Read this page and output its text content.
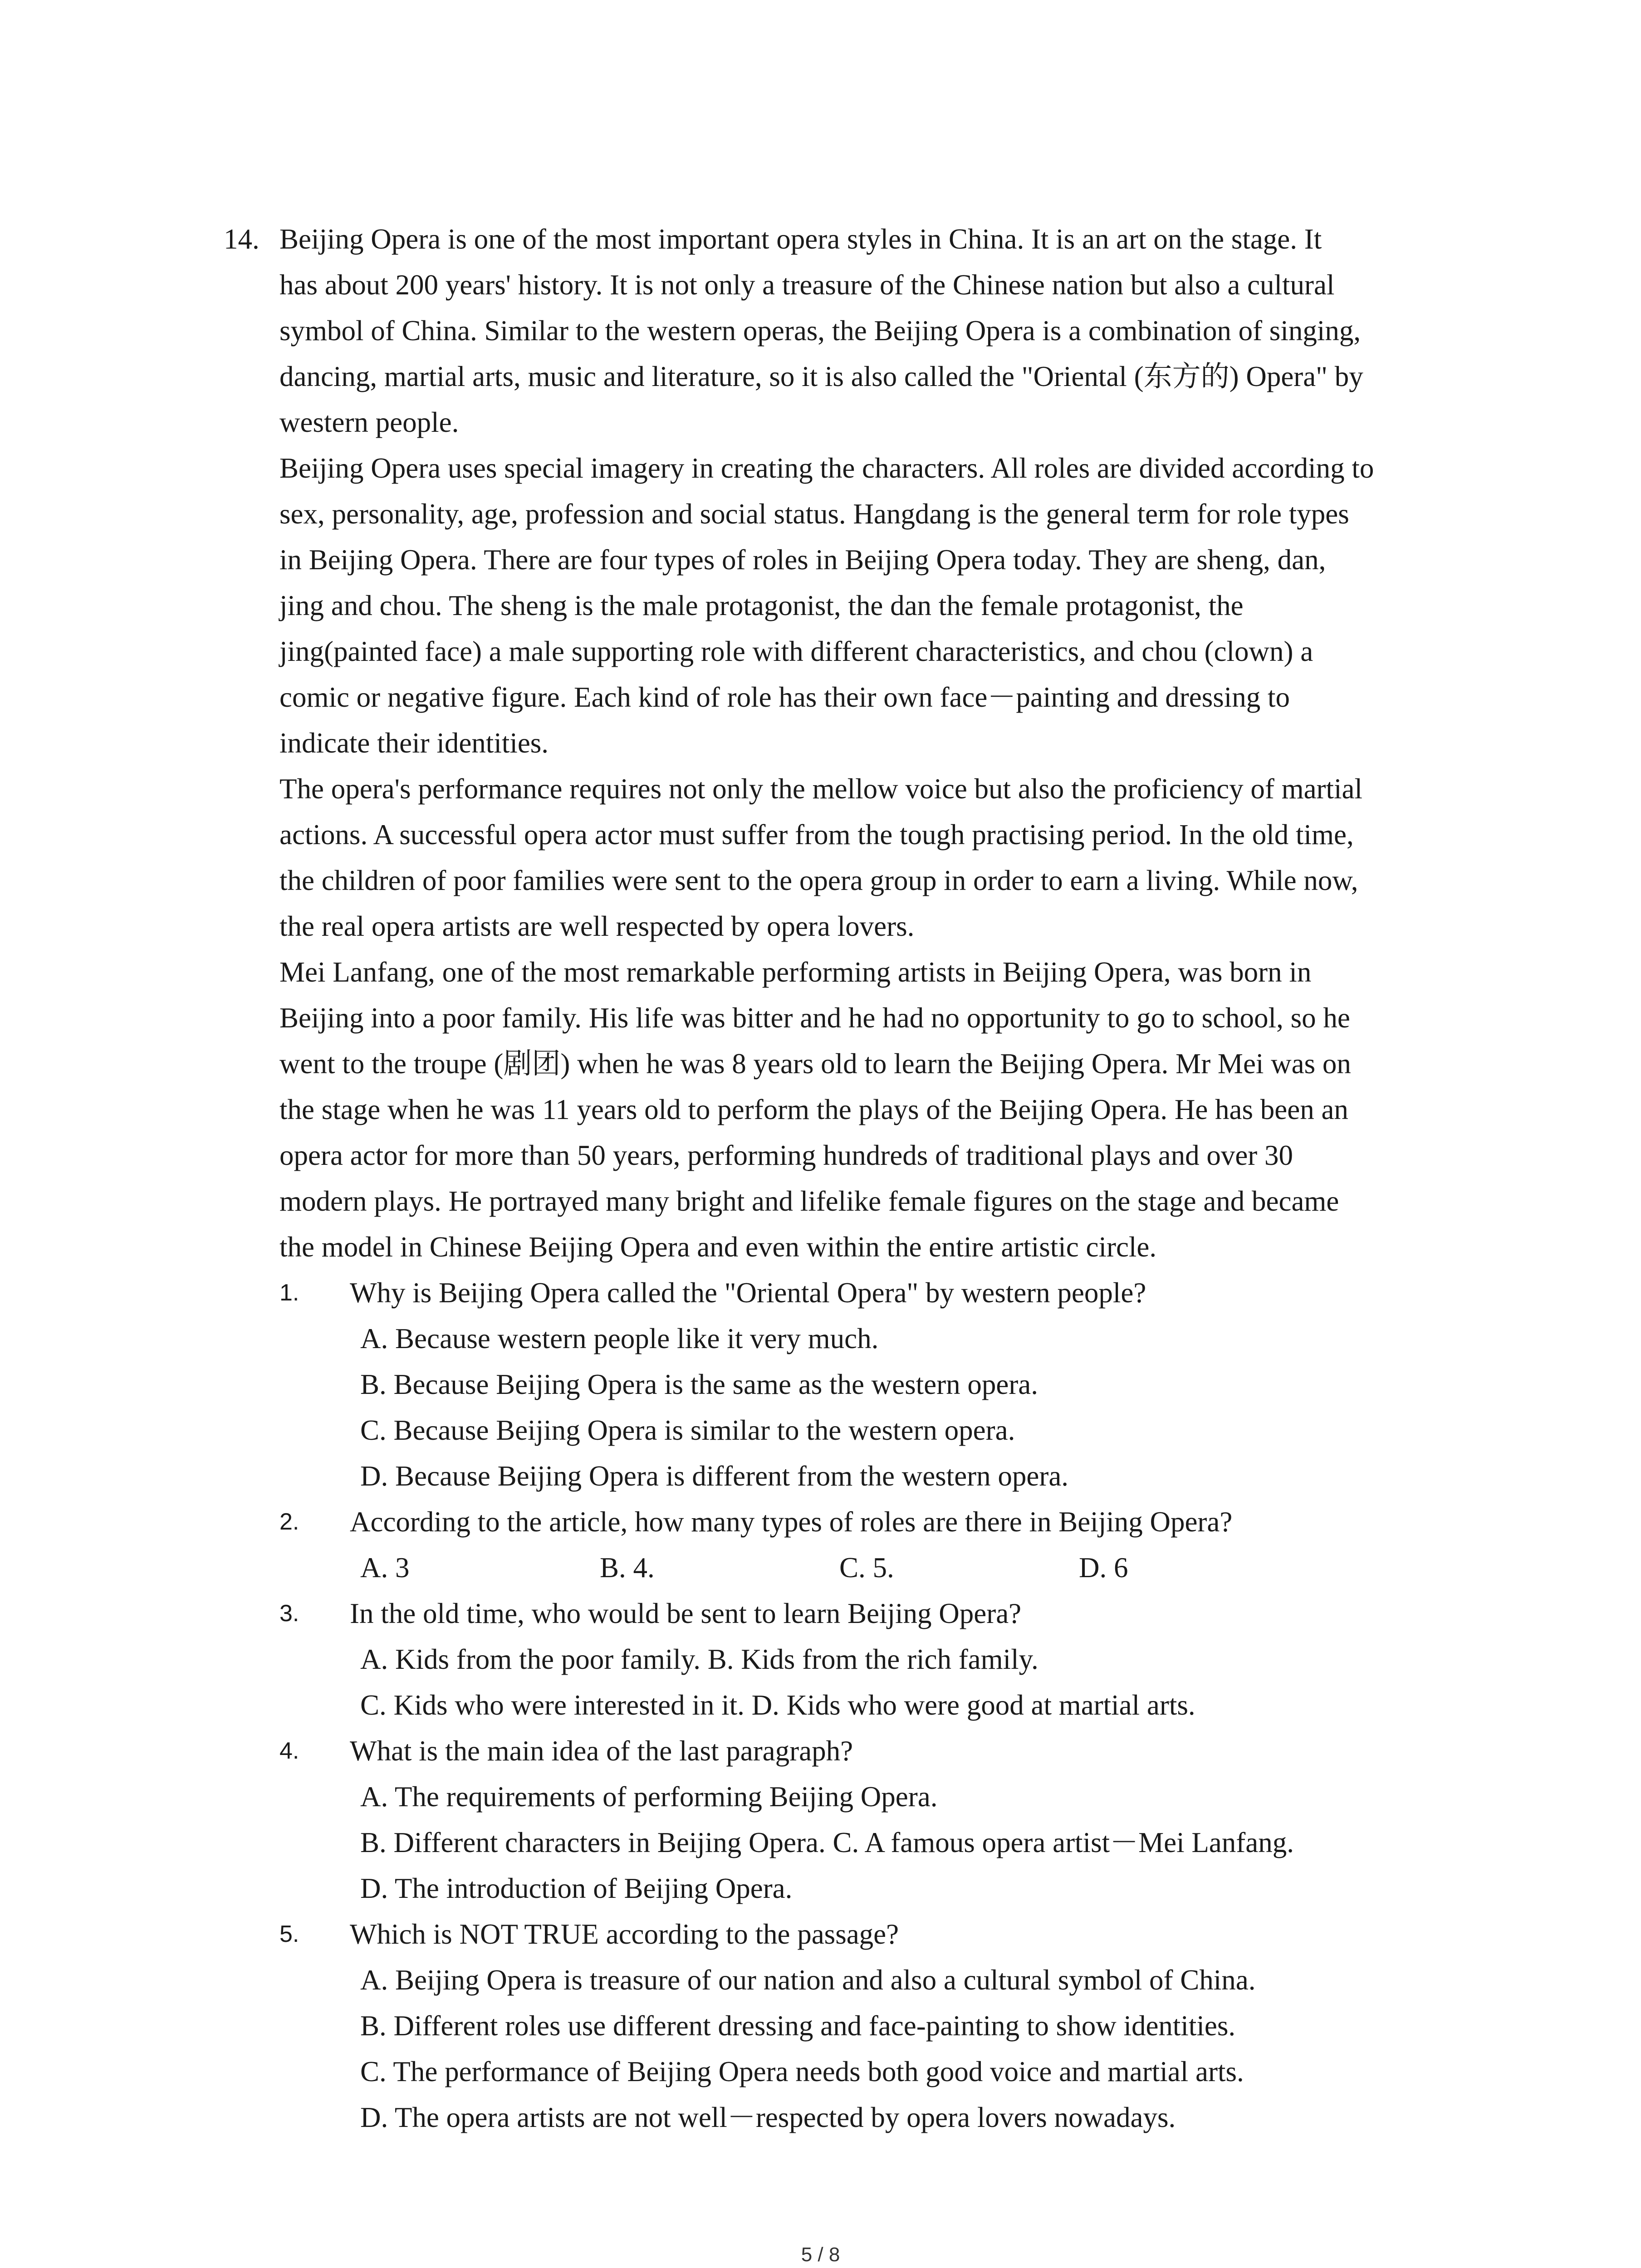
14. Beijing Opera is one of the most important opera styles in China. It is an art on the stage. It
has about 200 years' history. It is not only a treasure of the Chinese nation but also a cultural
symbol of China. Similar to the western operas, the Beijing Opera is a combination of singing,
dancing, martial arts, music and literature, so it is also called the "Oriental (东方的) Opera" by
western people.
Beijing Opera uses special imagery in creating the characters. All roles are divided according to
sex, personality, age, profession and social status. Hangdang is the general term for role types
in Beijing Opera. There are four types of roles in Beijing Opera today. They are sheng, dan,
jing and chou. The sheng is the male protagonist, the dan the female protagonist, the
jing(painted face) a male supporting role with different characteristics, and chou (clown) a
comic or negative figure. Each kind of role has their own face－painting and dressing to
indicate their identities.
The opera's performance requires not only the mellow voice but also the proficiency of martial
actions. A successful opera actor must suffer from the tough practising period. In the old time,
the children of poor families were sent to the opera group in order to earn a living. While now,
the real opera artists are well respected by opera lovers.
Mei Lanfang, one of the most remarkable performing artists in Beijing Opera, was born in
Beijing into a poor family. His life was bitter and he had no opportunity to go to school, so he
went to the troupe (剧团) when he was 8 years old to learn the Beijing Opera. Mr Mei was on
the stage when he was 11 years old to perform the plays of the Beijing Opera. He has been an
opera actor for more than 50 years, performing hundreds of traditional plays and over 30
modern plays. He portrayed many bright and lifelike female figures on the stage and became
the model in Chinese Beijing Opera and even within the entire artistic circle.
1.	Why is Beijing Opera called the "Oriental Opera" by western people?
A. Because western people like it very much.
B. Because Beijing Opera is the same as the western opera.
C. Because Beijing Opera is similar to the western opera.
D. Because Beijing Opera is different from the western opera.
2.	According to the article, how many types of roles are there in Beijing Opera?
A. 3	B. 4.	C. 5.	D. 6
3.	In the old time, who would be sent to learn Beijing Opera?
A. Kids from the poor family. B. Kids from the rich family.
C. Kids who were interested in it. D. Kids who were good at martial arts.
4.	What is the main idea of the last paragraph?
A. The requirements of performing Beijing Opera.
B. Different characters in Beijing Opera. C. A famous opera artist－Mei Lanfang.
D. The introduction of Beijing Opera.
5.	Which is NOT TRUE according to the passage?
A. Beijing Opera is treasure of our nation and also a cultural symbol of China.
B. Different roles use different dressing and face-painting to show identities.
C. The performance of Beijing Opera needs both good voice and martial arts.
D. The opera artists are not well－respected by opera lovers nowadays.
5 / 8
